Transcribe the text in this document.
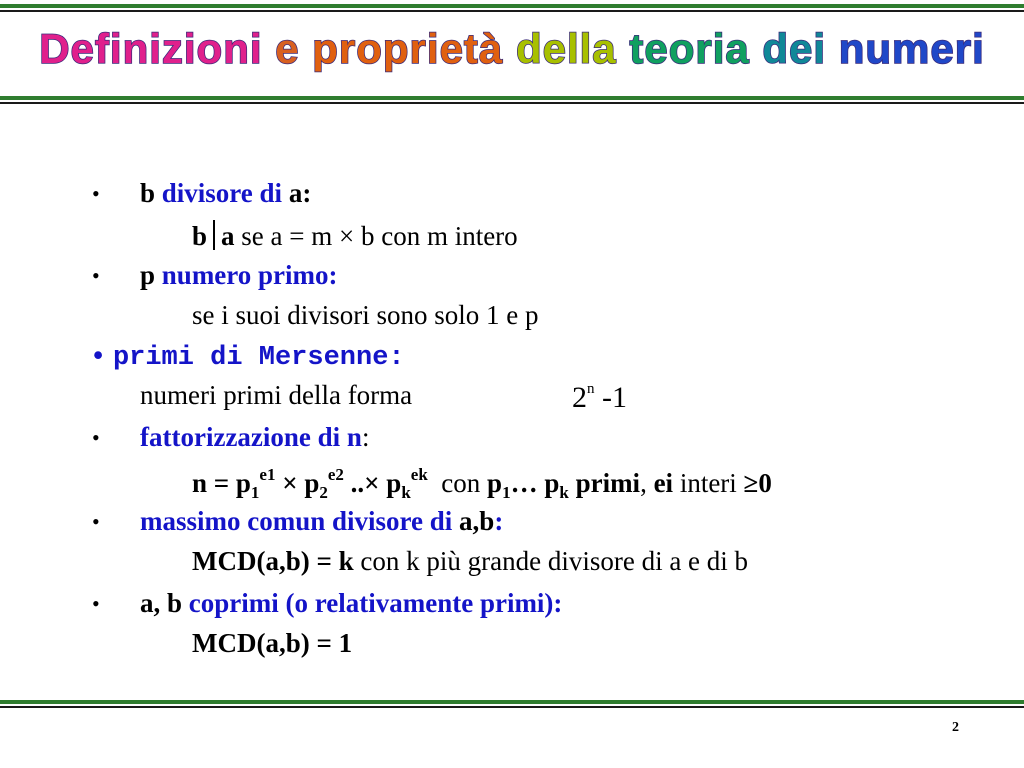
Definizioni e proprietà della teoria dei numeri
• b divisore di a:
b a se a = m × b con m intero
• p numero primo:
se i suoi divisori sono solo 1 e p
• primi di Mersenne:
numeri primi della forma	2$^n$ -1
• fattorizzazione di n:
$n = p_1^{e1} \times p_2^{e2}$ ..× $p_k^{ek}$ con $p_1\dots$ $p_k$ primi, ei interi ≥0
• massimo comun divisore di a,b:
MCD(a,b) = k con k più grande divisore di a e di b
• a, b coprimi (o relativamente primi):
MCD(a,b) = 1
2
